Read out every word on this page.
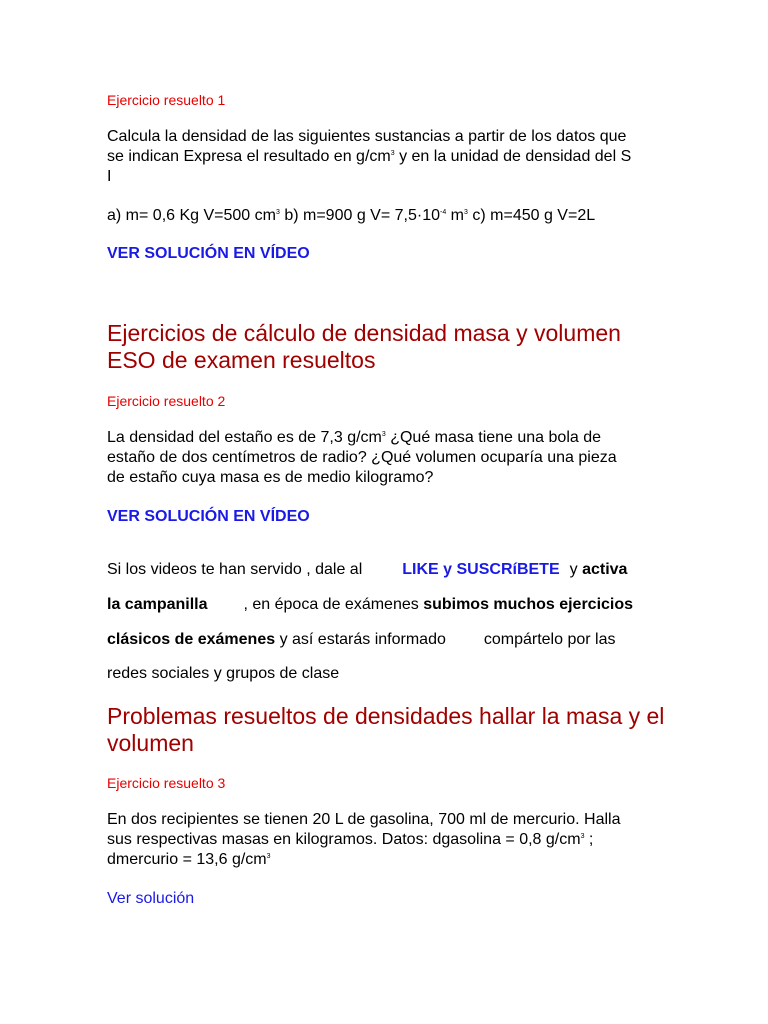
Ejercicio resuelto 1
Calcula la densidad de las siguientes sustancias a partir de los datos que
se indican Expresa el resultado en $g/cm^3$ y en la unidad de densidad del S
I
a) m= 0,6 Kg V=500 $cm^3$ b) m=900 g $V= 7,5\cdot 10^{-4}$ $m^3$ c) m=450 g V=2L
VER SOLUCIÓN EN VÍDEO
Ejercicios de cálculo de densidad masa y volumen
ESO de examen resueltos
Ejercicio resuelto 2
La densidad del estaño es de 7,3 $g/cm^3$ ¿Qué masa tiene una bola de
estaño de dos centímetros de radio? ¿Qué volumen ocuparía una pieza
de estaño cuya masa es de medio kilogramo?
VER SOLUCIÓN EN VÍDEO
Si los videos te han servido , dale al	LIKE y SUSCRíBETE y activa
la campanilla , en época de exámenes subimos muchos ejercicios
clásicos de exámenes y así estarás informado compártelo por las
redes sociales y grupos de clase
Problemas resueltos de densidades hallar la masa y el
volumen
Ejercicio resuelto 3
En dos recipientes se tienen 20 L de gasolina, 700 ml de mercurio. Halla
sus respectivas masas en kilogramos. Datos: dgasolina = 0,8 $g/cm^3$ ;
dmercurio = 13,6 $g/cm^3$
Ver solución
